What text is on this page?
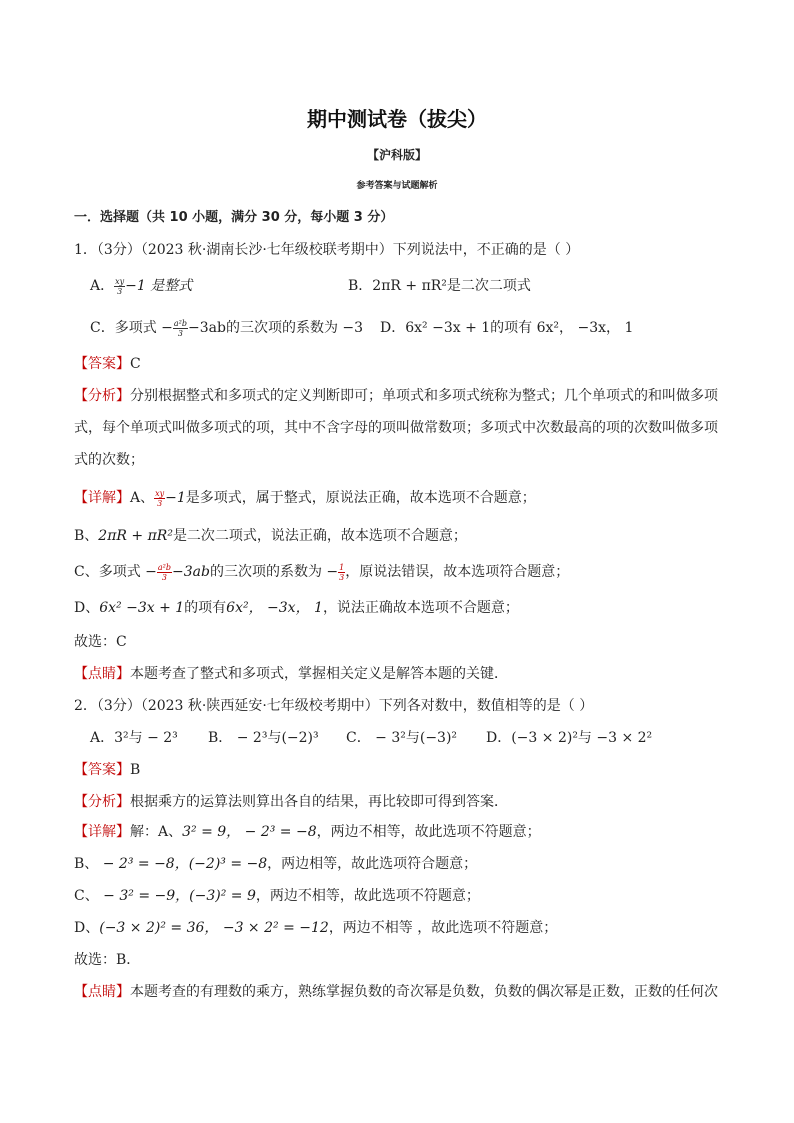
期中测试卷（拔尖）
【沪科版】
参考答案与试题解析
一．选择题（共 10 小题，满分 30 分，每小题 3 分）
1．（3分）（2023 秋·湖南长沙·七年级校联考期中）下列说法中，不正确的是（ ）
A． $\frac{xy}{3} -1$ 是整式	B．2πR + πR²是二次二项式
C．多项式 − $\frac{\text{a²b}}{3} -3ab$的三次项的系数为 −3 D．6x² −3x + 1的项有 6x²， −3x， 1
【答案】C
【分析】分别根据整式和多项式的定义判断即可；单项式和多项式统称为整式；几个单项式的和叫做多项
式，每个单项式叫做多项式的项，其中不含字母的项叫做常数项；多项式中次数最高的项的次数叫做多项
式的次数；
【详解】A、 $\frac{xy}{3} -1$是多项式，属于整式，原说法正确，故本选项不合题意；
B、2πR + πR²是二次二项式，说法正确，故本选项不合题意；
C、多项式 − $\frac{\text{a²b}}{3} -3ab$的三次项的系数为 − $\frac{1}{3}$ ，原说法错误，故本选项符合题意；
D、6x² −3x + 1的项有6x²， −3x， 1，说法正确故本选项不合题意；
故选：C
【点睛】本题考查了整式和多项式，掌握相关定义是解答本题的关键．
2．（3分）（2023 秋·陕西延安·七年级校考期中）下列各对数中，数值相等的是（ ）
A．3²与 − 2³ B． − 2³与(−2)³ C． − 3²与(−3)² D．(−3 × 2)²与 −3 × 2²
【答案】B
【分析】根据乘方的运算法则算出各自的结果，再比较即可得到答案．
【详解】解：A、3² = 9， − 2³ = −8，两边不相等，故此选项不符题意；
B、 − 2³ = −8，(−2)³ = −8，两边相等，故此选项符合题意；
C、 − 3² = −9，(−3)² = 9，两边不相等，故此选项不符题意；
D、(−3 × 2)² = 36， −3 × 2² = −12，两边不相等 ，故此选项不符题意；
故选：B．
【点睛】本题考查的有理数的乘方，熟练掌握负数的奇次幂是负数，负数的偶次幂是正数，正数的任何次
